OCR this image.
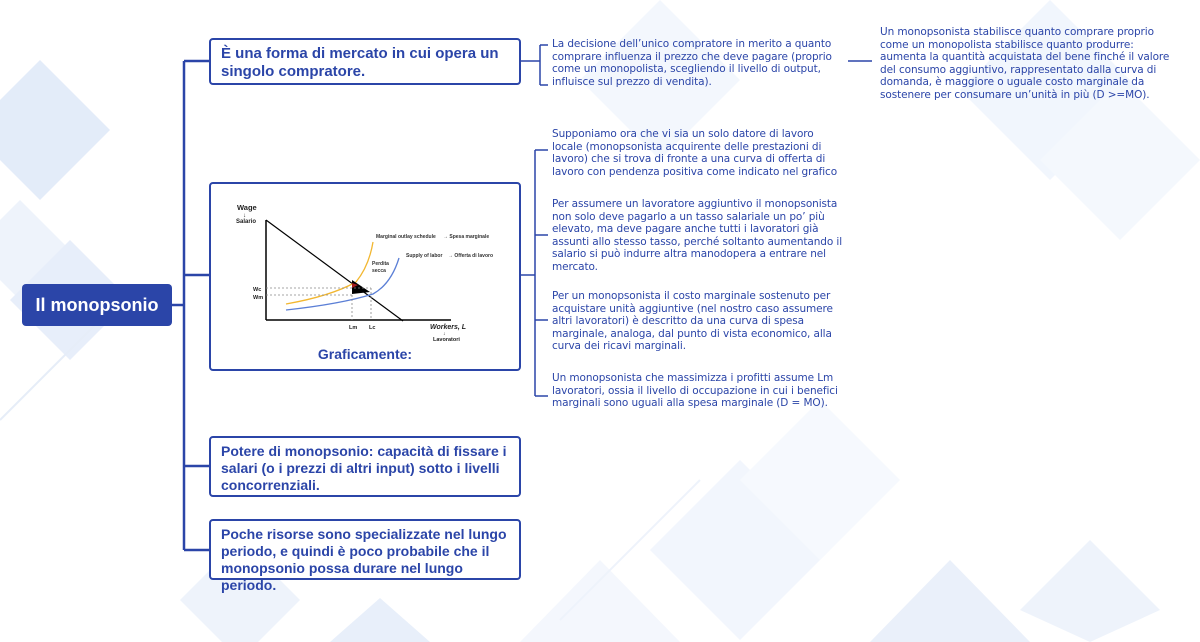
Il monopsonio
È una forma di mercato in cui opera un singolo compratore.
Wage
↓
Salario
Wc
Wm
Lm Lc
Marginal outlay schedule → Spesa marginale
Supply of labor → Offerta di lavoro
Perdita
secca
Workers, L
↓
Lavoratori
Graficamente:
Potere di monopsonio: capacità di fissare i salari (o i prezzi di altri input) sotto i livelli concorrenziali.
Poche risorse sono specializzate nel lungo periodo, e quindi è poco probabile che il monopsonio possa durare nel lungo periodo.
La decisione dell’unico compratore in merito a quanto comprare influenza il prezzo che deve pagare (proprio come un monopolista, scegliendo il livello di output, influisce sul prezzo di vendita).
Un monopsonista stabilisce quanto comprare proprio come un monopolista stabilisce quanto produrre: aumenta la quantità acquistata del bene finché il valore del consumo aggiuntivo, rappresentato dalla curva di domanda, è maggiore o uguale costo marginale da sostenere per consumare un’unità in più (D >=MO).
Supponiamo ora che vi sia un solo datore di lavoro locale (monopsonista acquirente delle prestazioni di lavoro) che si trova di fronte a una curva di offerta di lavoro con pendenza positiva come indicato nel grafico
Per assumere un lavoratore aggiuntivo il monopsonista non solo deve pagarlo a un tasso salariale un po’ più elevato, ma deve pagare anche tutti i lavoratori già assunti allo stesso tasso, perché soltanto aumentando il salario si può indurre altra manodopera a entrare nel mercato.
Per un monopsonista il costo marginale sostenuto per acquistare unità aggiuntive (nel nostro caso assumere altri lavoratori) è descritto da una curva di spesa marginale, analoga, dal punto di vista economico, alla curva dei ricavi marginali.
Un monopsonista che massimizza i profitti assume Lm lavoratori, ossia il livello di occupazione in cui i benefici marginali sono uguali alla spesa marginale (D = MO).
